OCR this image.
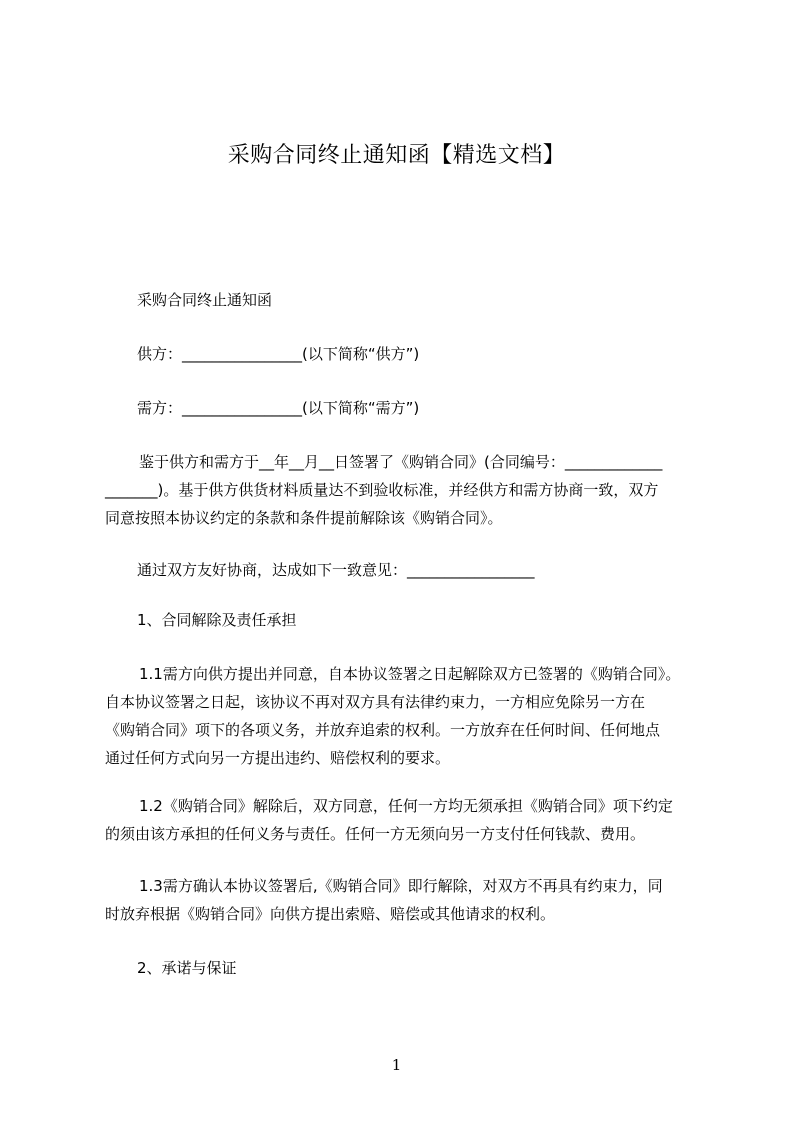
采购合同终止通知函【精选文档】
采购合同终止通知函
供方：________________(以下简称“供方”)
需方：________________(以下简称“需方”)
鉴于供方和需方于__年__月__日签署了《购销合同》(合同编号：_____________
_______)。基于供方供货材料质量达不到验收标准，并经供方和需方协商一致，双方
同意按照本协议约定的条款和条件提前解除该《购销合同》。
通过双方友好协商，达成如下一致意见：_________________
1、合同解除及责任承担
1.1需方向供方提出并同意，自本协议签署之日起解除双方已签署的《购销合同》。
自本协议签署之日起，该协议不再对双方具有法律约束力，一方相应免除另一方在
《购销合同》项下的各项义务，并放弃追索的权利。一方放弃在任何时间、任何地点
通过任何方式向另一方提出违约、赔偿权利的要求。
1.2《购销合同》解除后，双方同意，任何一方均无须承担《购销合同》项下约定
的须由该方承担的任何义务与责任。任何一方无须向另一方支付任何钱款、费用。
1.3需方确认本协议签署后,《购销合同》即行解除，对双方不再具有约束力，同
时放弃根据《购销合同》向供方提出索赔、赔偿或其他请求的权利。
2、承诺与保证
1
